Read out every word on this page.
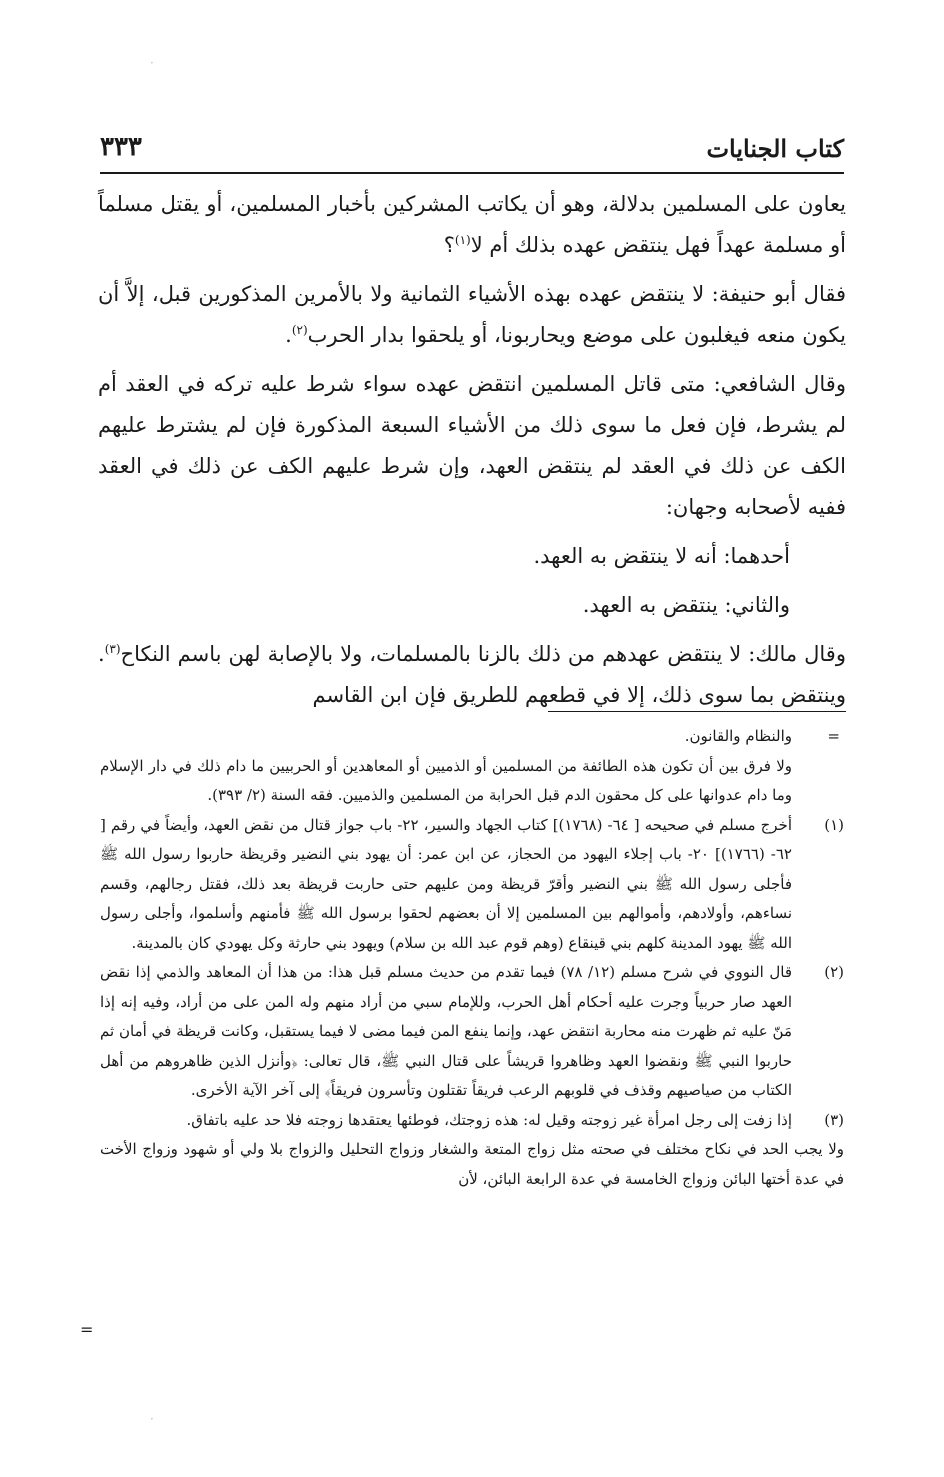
·
كتاب الجنايات
٣٣٣

يعاون على المسلمين بدلالة، وهو أن يكاتب المشركين بأخبار المسلمين، أو يقتل مسلماً أو مسلمة عهداً فهل ينتقض عهده بذلك أم لا$^{(١)}$؟

فقال أبو حنيفة: لا ينتقض عهده بهذه الأشياء الثمانية ولا بالأمرين المذكورين قبل، إلاَّ أن يكون منعه فيغلبون على موضع ويحاربونا، أو يلحقوا بدار الحرب$^{(٢)}$.

وقال الشافعي: متى قاتل المسلمين انتقض عهده سواء شرط عليه تركه في العقد أم لم يشرط، فإن فعل ما سوى ذلك من الأشياء السبعة المذكورة فإن لم يشترط عليهم الكف عن ذلك في العقد لم ينتقض العهد، وإن شرط عليهم الكف عن ذلك في العقد ففيه لأصحابه وجهان:

أحدهما: أنه لا ينتقض به العهد.

والثاني: ينتقض به العهد.

وقال مالك: لا ينتقض عهدهم من ذلك بالزنا بالمسلمات، ولا بالإصابة لهن باسم النكاح$^{(٣)}$. وينتقض بما سوى ذلك، إلا في قطعهم للطريق فإن ابن القاسم

=
والنظام والقانون.

ولا فرق بين أن تكون هذه الطائفة من المسلمين أو الذميين أو المعاهدين أو الحربيين ما دام ذلك في دار الإسلام وما دام عدوانها على كل محقون الدم قبل الحرابة من المسلمين والذميين. فقه السنة (٢/ ٣٩٣).

(١)
أخرج مسلم في صحيحه [ ٦٤- (١٧٦٨)] كتاب الجهاد والسير، ٢٢- باب جواز قتال من نقض العهد، وأيضاً في رقم [ ٦٢- (١٧٦٦)] ٢٠- باب إجلاء اليهود من الحجاز، عن ابن عمر: أن يهود بني النضير وقريظة حاربوا رسول الله ﷺ فأجلى رسول الله ﷺ بني النضير وأقرّ قريظة ومن عليهم حتى حاربت قريظة بعد ذلك، فقتل رجالهم، وقسم نساءهم، وأولادهم، وأموالهم بين المسلمين إلا أن بعضهم لحقوا برسول الله ﷺ فأمنهم وأسلموا، وأجلى رسول الله ﷺ يهود المدينة كلهم بني قينقاع (وهم قوم عبد الله بن سلام) ويهود بني حارثة وكل يهودي كان بالمدينة.

(٢)
قال النووي في شرح مسلم (١٢/ ٧٨) فيما تقدم من حديث مسلم قبل هذا: من هذا أن المعاهد والذمي إذا نقض العهد صار حربياً وجرت عليه أحكام أهل الحرب، وللإمام سبي من أراد منهم وله المن على من أراد، وفيه إنه إذا مَنّ عليه ثم ظهرت منه محاربة انتقض عهد، وإنما ينفع المن فيما مضى لا فيما يستقبل، وكانت قريظة في أمان ثم حاربوا النبي ﷺ ونقضوا العهد وظاهروا قريشاً على قتال النبي ﷺ، قال تعالى: ﴿وأنزل الذين ظاهروهم من أهل الكتاب من صياصيهم وقذف في قلوبهم الرعب فريقاً تقتلون وتأسرون فريقاً﴾ إلى آخر الآية الأخرى.

(٣)
إذا زفت إلى رجل امرأة غير زوجته وقيل له: هذه زوجتك، فوطئها يعتقدها زوجته فلا حد عليه باتفاق.

ولا يجب الحد في نكاح مختلف في صحته مثل زواج المتعة والشغار وزواج التحليل والزواج بلا ولي أو شهود وزواج الأخت في عدة أختها البائن وزواج الخامسة في عدة الرابعة البائن، لأن

=
·
